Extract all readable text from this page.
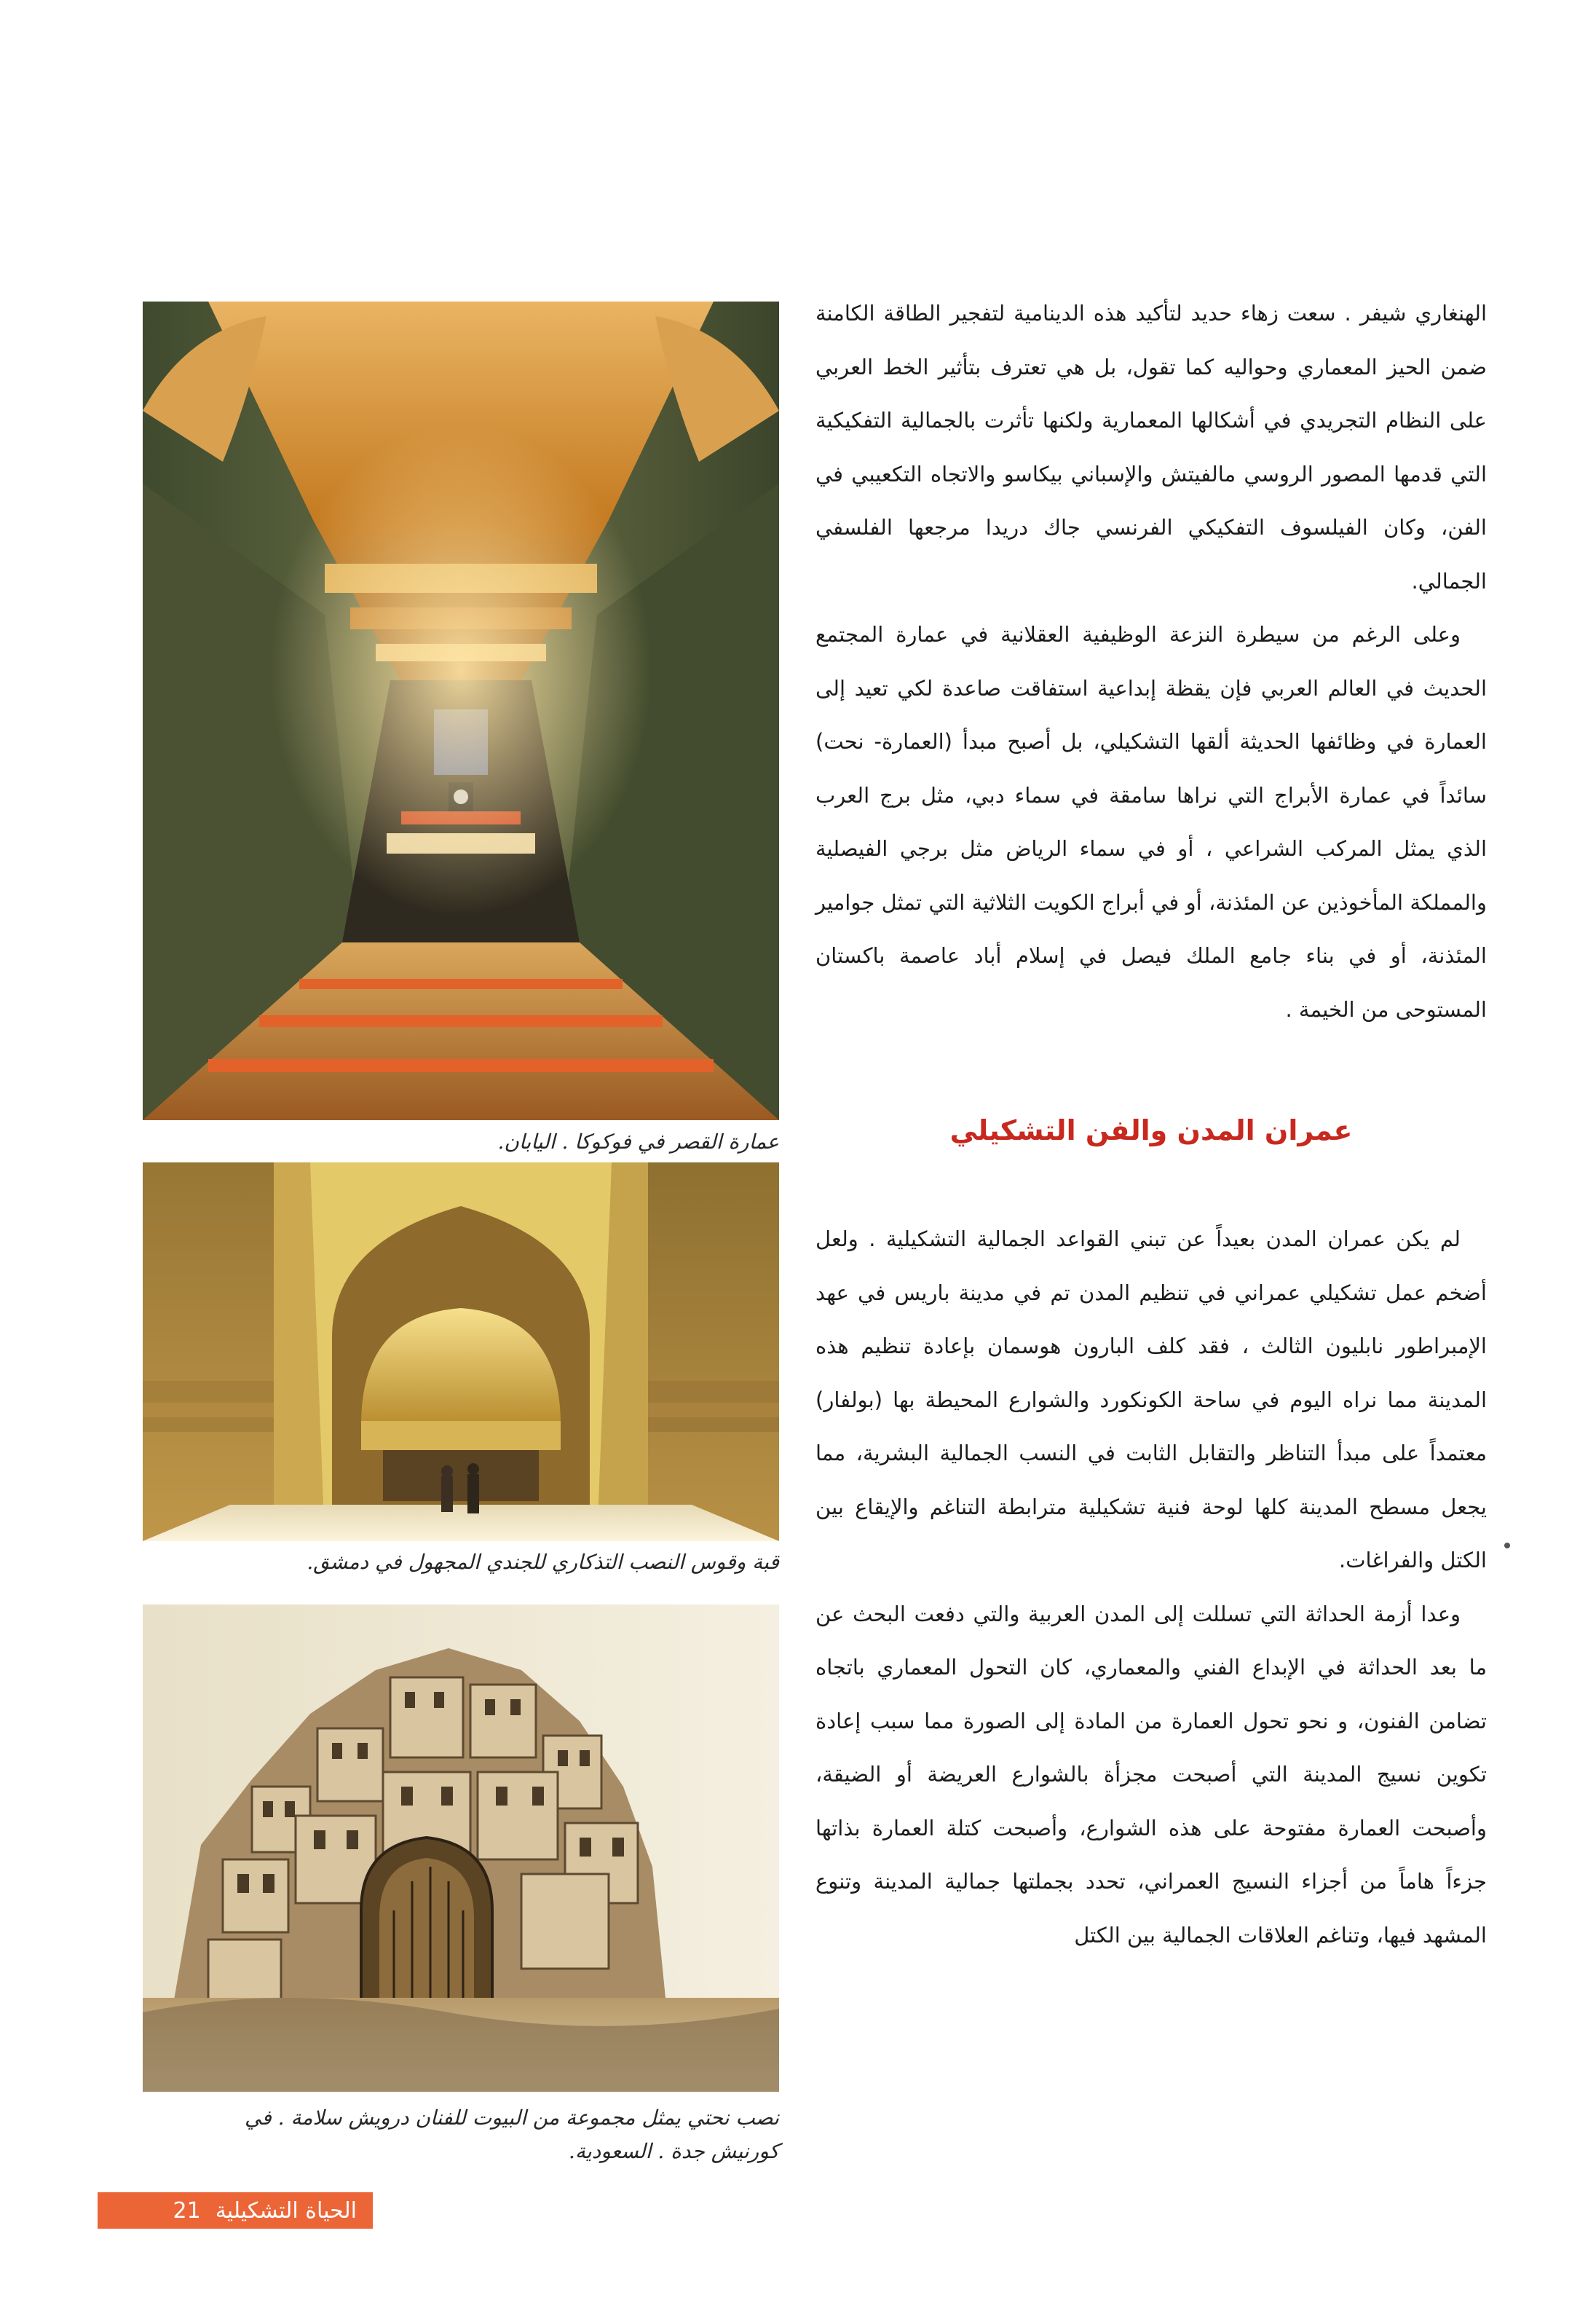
الهنغاري شيفر . سعت زهاء حديد لتأكيد هذه الدينامية لتفجير الطاقة الكامنة ضمن الحيز المعماري وحواليه كما تقول، بل هي تعترف بتأثير الخط العربي على النظام التجريدي في أشكالها المعمارية ولكنها تأثرت بالجمالية التفكيكية التي قدمها المصور الروسي مالفيتش والإسباني بيكاسو والاتجاه التكعيبي في الفن، وكان الفيلسوف التفكيكي الفرنسي جاك دريدا مرجعها الفلسفي الجمالي.

وعلى الرغم من سيطرة النزعة الوظيفية العقلانية في عمارة المجتمع الحديث في العالم العربي فإن يقظة إبداعية استفاقت صاعدة لكي تعيد إلى العمارة في وظائفها الحديثة ألقها التشكيلي، بل أصبح مبدأ (العمارة- نحت) سائداً في عمارة الأبراج التي نراها سامقة في سماء دبي، مثل برج العرب الذي يمثل المركب الشراعي ، أو في سماء الرياض مثل برجي الفيصلية والمملكة المأخوذين عن المئذنة، أو في أبراج الكويت الثلاثية التي تمثل جوامير المئذنة، أو في بناء جامع الملك فيصل في إسلام أباد عاصمة باكستان المستوحى من الخيمة .

عمران المدن والفن التشكيلي

لم يكن عمران المدن بعيداً عن تبني القواعد الجمالية التشكيلية . ولعل أضخم عمل تشكيلي عمراني في تنظيم المدن تم في مدينة باريس في عهد الإمبراطور نابليون الثالث ، فقد كلف البارون هوسمان بإعادة تنظيم هذه المدينة مما نراه اليوم في ساحة الكونكورد والشوارع المحيطة بها (بولفار) معتمداً على مبدأ التناظر والتقابل الثابت في النسب الجمالية البشرية، مما يجعل مسطح المدينة كلها لوحة فنية تشكيلية مترابطة التناغم والإيقاع بين الكتل والفراغات.

وعدا أزمة الحداثة التي تسللت إلى المدن العربية والتي دفعت البحث عن ما بعد الحداثة في الإبداع الفني والمعماري، كان التحول المعماري باتجاه تضامن الفنون، و نحو تحول العمارة من المادة إلى الصورة مما سبب إعادة تكوين نسيج المدينة التي أصبحت مجزأة بالشوارع العريضة أو الضيقة، وأصبحت العمارة مفتوحة على هذه الشوارع، وأصبحت كتلة العمارة بذاتها جزءاً هاماً من أجزاء النسيج العمراني، تحدد بجملتها جمالية المدينة وتنوع المشهد فيها، وتناغم العلاقات الجمالية بين الكتل

عمارة القصر في فوكوكا . اليابان.

قبة وقوس النصب التذكاري للجندي المجهول في دمشق.

نصب نحتي يمثل مجموعة من البيوت للفنان درويش سلامة . في
كورنيش جدة . السعودية.

الحياة التشكيلية
21
